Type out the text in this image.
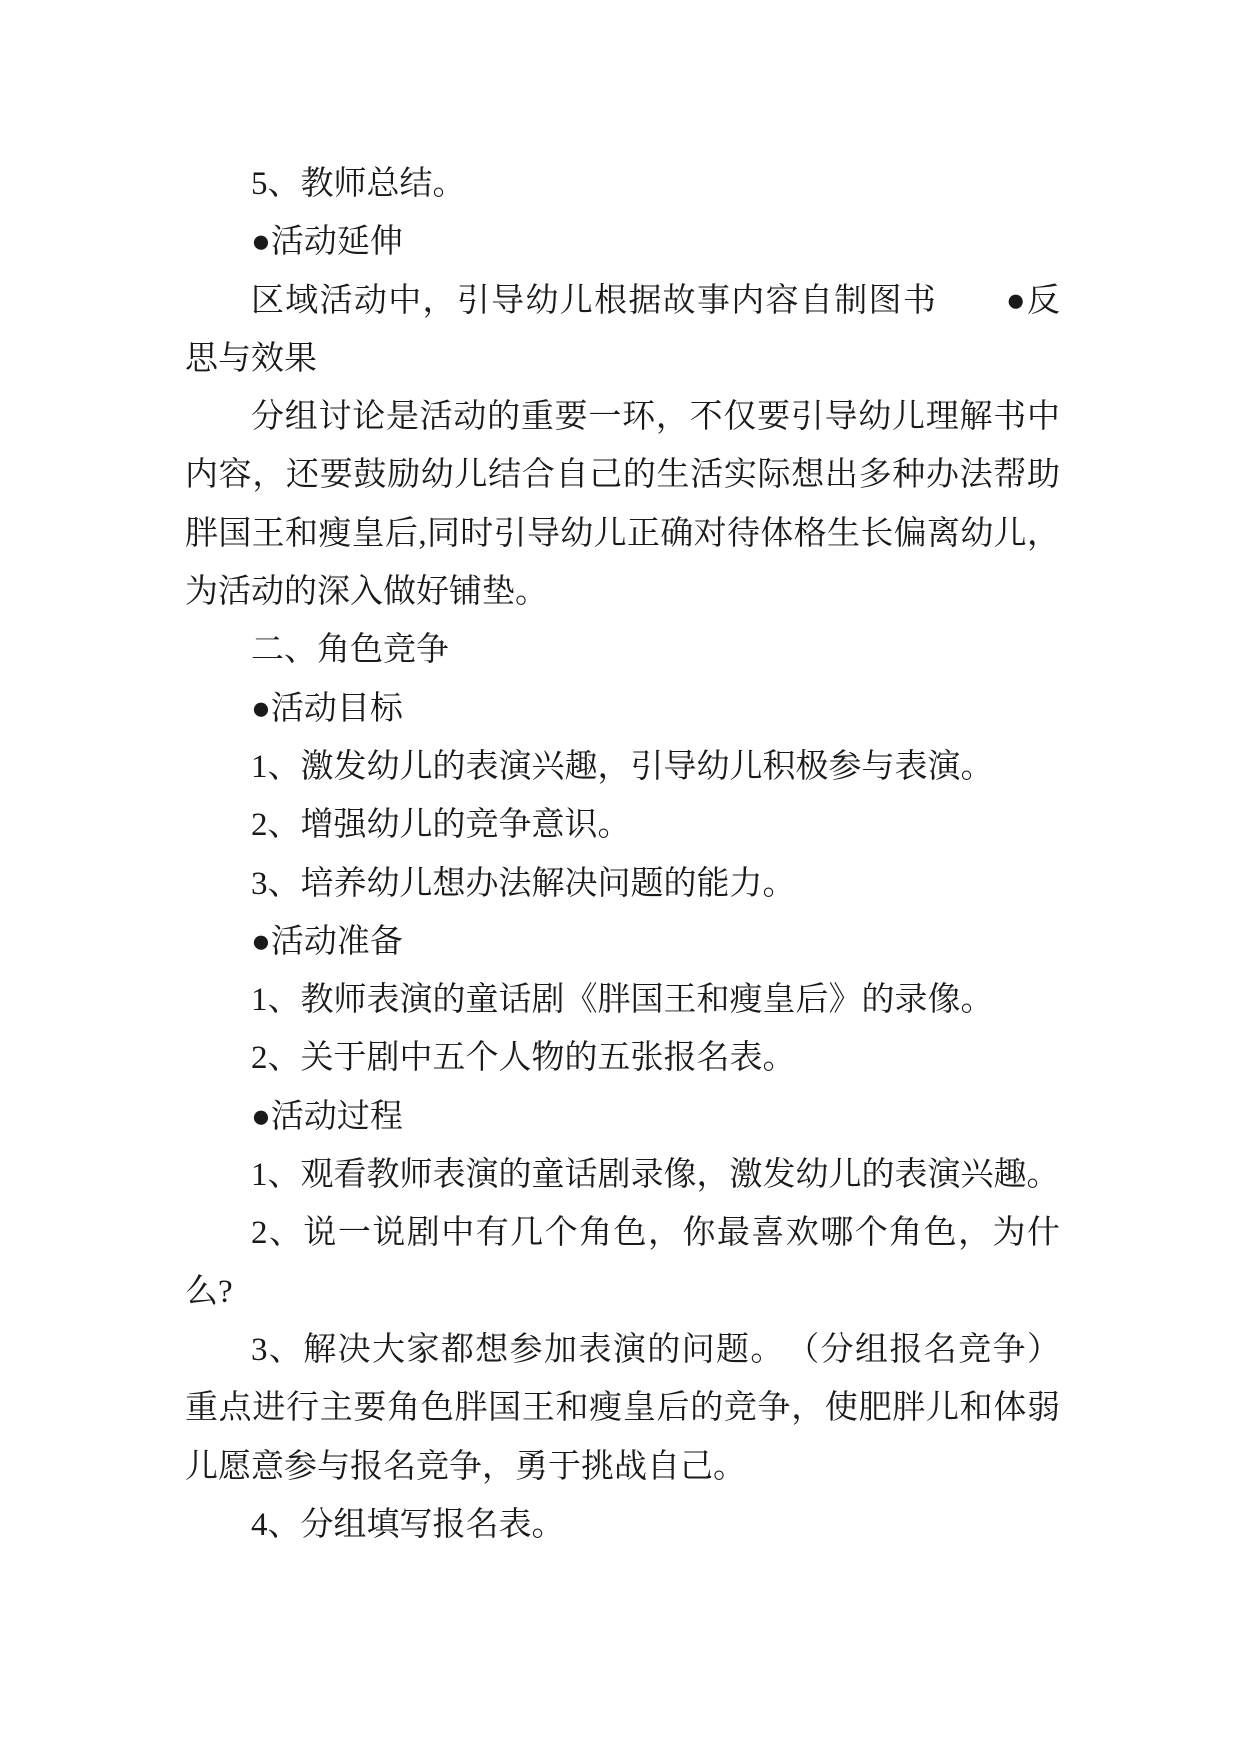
5、教师总结。
●活动延伸
区域活动中，引导幼儿根据故事内容自制图书　　●反
思与效果
分组讨论是活动的重要一环，不仅要引导幼儿理解书中
内容，还要鼓励幼儿结合自己的生活实际想出多种办法帮助
胖国王和瘦皇后,同时引导幼儿正确对待体格生长偏离幼儿，
为活动的深入做好铺垫。
二、角色竞争
●活动目标
1、激发幼儿的表演兴趣，引导幼儿积极参与表演。
2、增强幼儿的竞争意识。
3、培养幼儿想办法解决问题的能力。
●活动准备
1、教师表演的童话剧《胖国王和瘦皇后》的录像。
2、关于剧中五个人物的五张报名表。
●活动过程
1、观看教师表演的童话剧录像，激发幼儿的表演兴趣。
2、说一说剧中有几个角色，你最喜欢哪个角色，为什
么?
3、解决大家都想参加表演的问题。　（分组报名竞争）
重点进行主要角色胖国王和瘦皇后的竞争，使肥胖儿和体弱
儿愿意参与报名竞争，勇于挑战自己。
4、分组填写报名表。
